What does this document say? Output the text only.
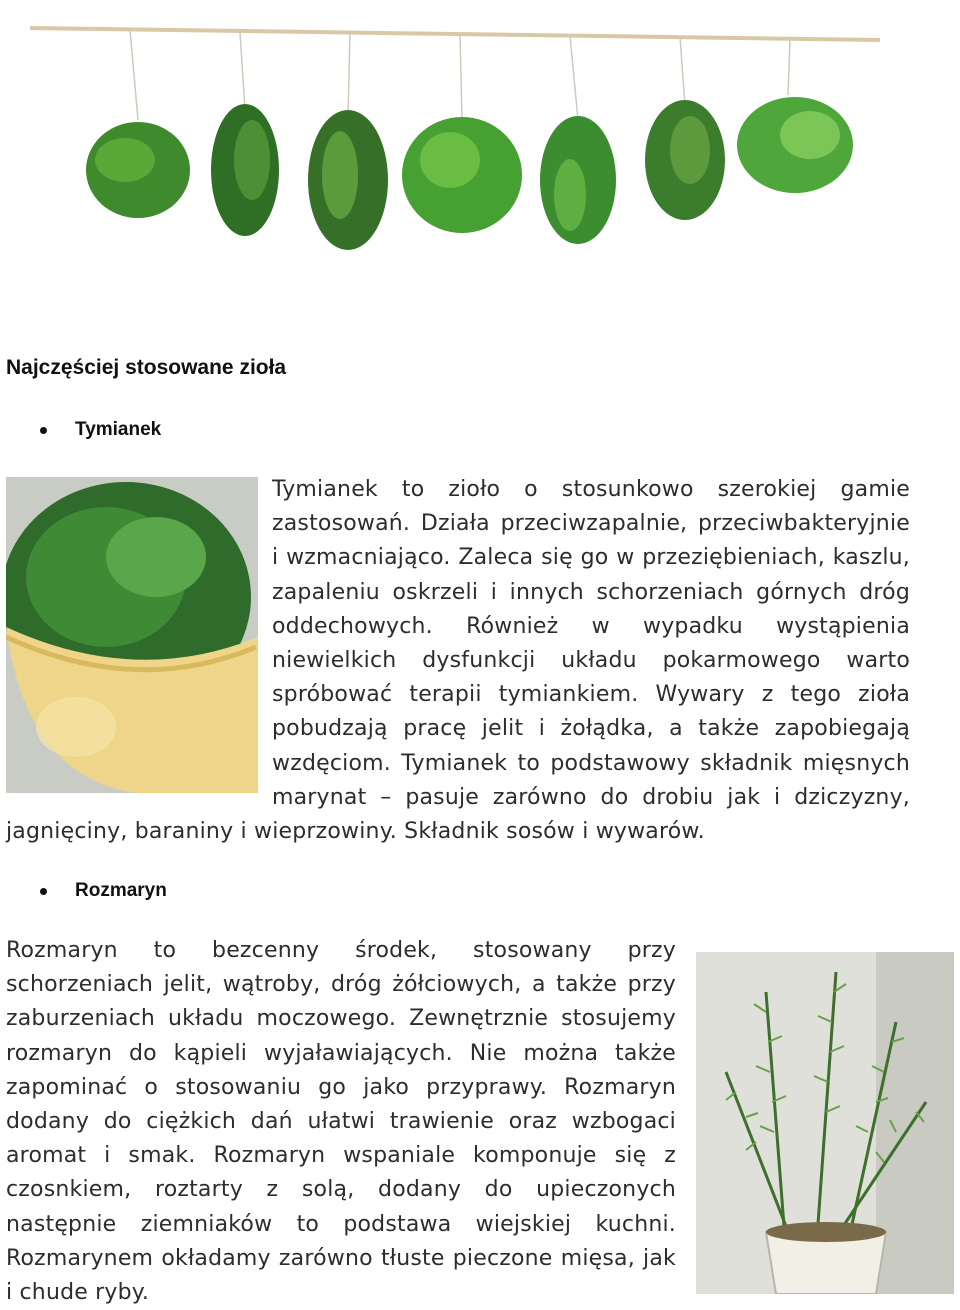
Najczęściej stosowane zioła
Tymianek

Tymianek to zioło o stosunkowo szerokiej gamie zastosowań. Działa przeciwzapalnie, przeciwbakteryjnie i wzmacniająco. Zaleca się go w przeziębieniach, kaszlu, zapaleniu oskrzeli i innych schorzeniach górnych dróg oddechowych. Również w wypadku wystąpienia niewielkich dysfunkcji układu pokarmowego warto spróbować terapii tymiankiem. Wywary z tego zioła pobudzają pracę jelit i żołądka, a także zapobiegają wzdęciom. Tymianek to podstawowy składnik mięsnych marynat – pasuje zarówno do drobiu jak i dziczyzny, jagnięciny, baraniny i wieprzowiny. Składnik sosów i wywarów.

Rozmaryn

Rozmaryn to bezcenny środek, stosowany przy schorzeniach jelit, wątroby, dróg żółciowych, a także przy zaburzeniach układu moczowego. Zewnętrznie stosujemy rozmaryn do kąpieli wyjaławiających. Nie można także zapominać o stosowaniu go jako przyprawy. Rozmaryn dodany do ciężkich dań ułatwi trawienie oraz wzbogaci aromat i smak. Rozmaryn wspaniale komponuje się z czosnkiem, roztarty z solą, dodany do upieczonych następnie ziemniaków to podstawa wiejskiej kuchni. Rozmarynem okładamy zarówno tłuste pieczone mięsa, jak i chude ryby.
